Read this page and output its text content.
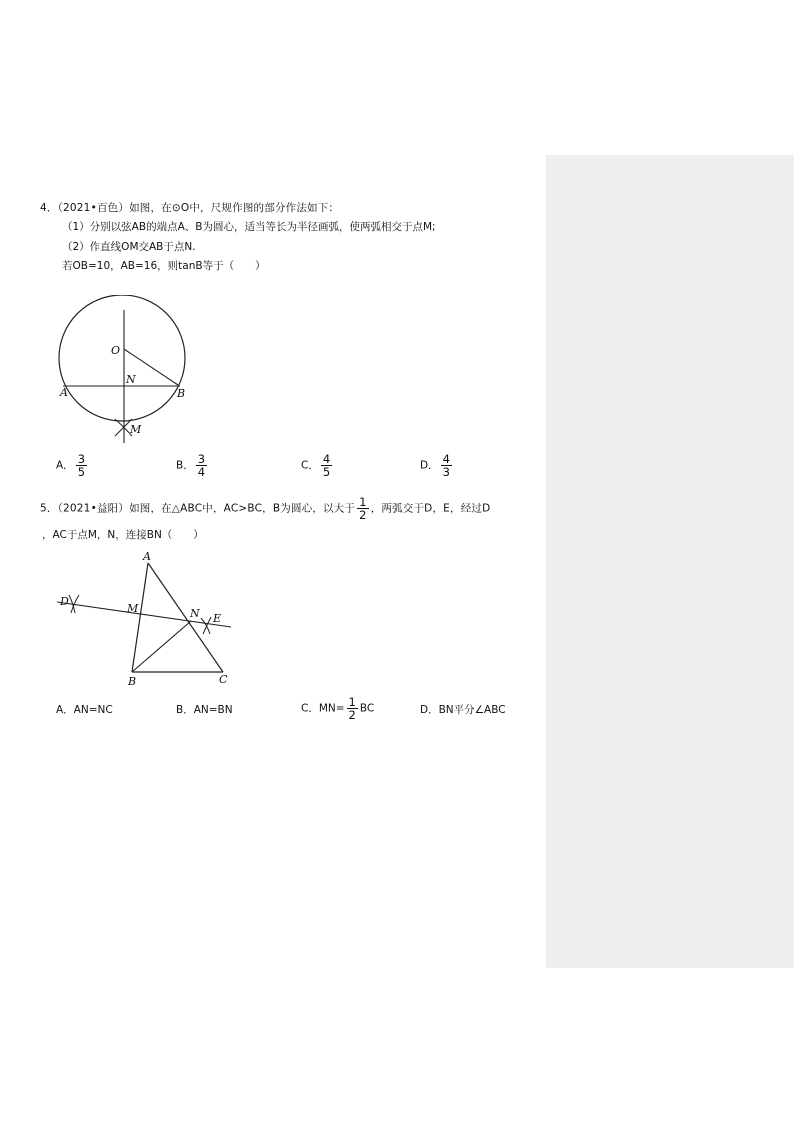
4．（2021•百色）如图，在⊙O中，尺规作图的部分作法如下：
（1）分别以弦AB的端点A、B为圆心，适当等长为半径画弧，使两弧相交于点M;
（2）作直线OM交AB于点N.
若OB=10，AB=16，则tanB等于（　　）
O
N
A	B
M
A． $\frac{3}{5}$	B． $\frac{3}{4}$	C． $\frac{4}{5}$	D． $\frac{4}{3}$
5．（2021•益阳）如图，在△ABC中，AC>BC，B为圆心，以大于 $\frac{1}{2}$ ，两弧交于D，E，经过D
，AC于点M，N，连接BN（　　）
A
D
M	N E
B	C
A．AN=NC	B．AN=BN	C．$MN= \frac{1}{2}$ BC	D．BN平分∠ABC
